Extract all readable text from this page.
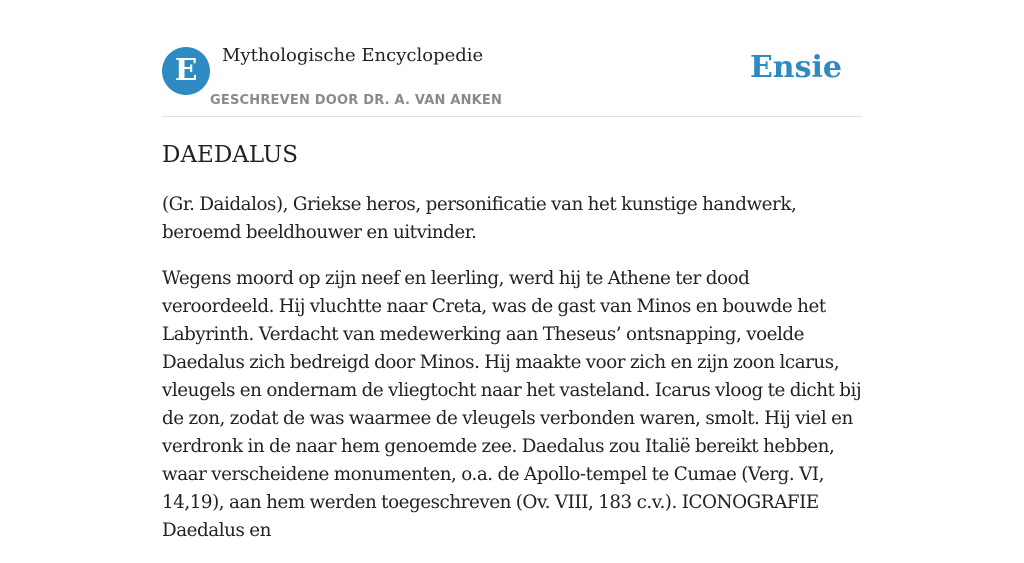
E	Mythologische Encyclopedie
GESCHREVEN DOOR DR. A. VAN ANKEN
Ensie
DAEDALUS

(Gr. Daidalos), Griekse heros, personificatie van het kunstige handwerk, beroemd beeldhouwer en uitvinder.

Wegens moord op zijn neef en leerling, werd hij te Athene ter dood veroordeeld. Hij vluchtte naar Creta, was de gast van Minos en bouwde het Labyrinth. Verdacht van medewerking aan Theseus’ ontsnapping, voelde Daedalus zich bedreigd door Minos. Hij maakte voor zich en zijn zoon lcarus, vleugels en ondernam de vliegtocht naar het vasteland. Icarus vloog te dicht bij de zon, zodat de was waarmee de vleugels verbonden waren, smolt. Hij viel en verdronk in de naar hem genoemde zee. Daedalus zou Italië bereikt hebben, waar verscheidene monumenten, o.a. de Apollo-tempel te Cumae (Verg. VI, 14,19), aan hem werden toegeschreven (Ov. VIII, 183 c.v.). ICONOGRAFIE Daedalus en
